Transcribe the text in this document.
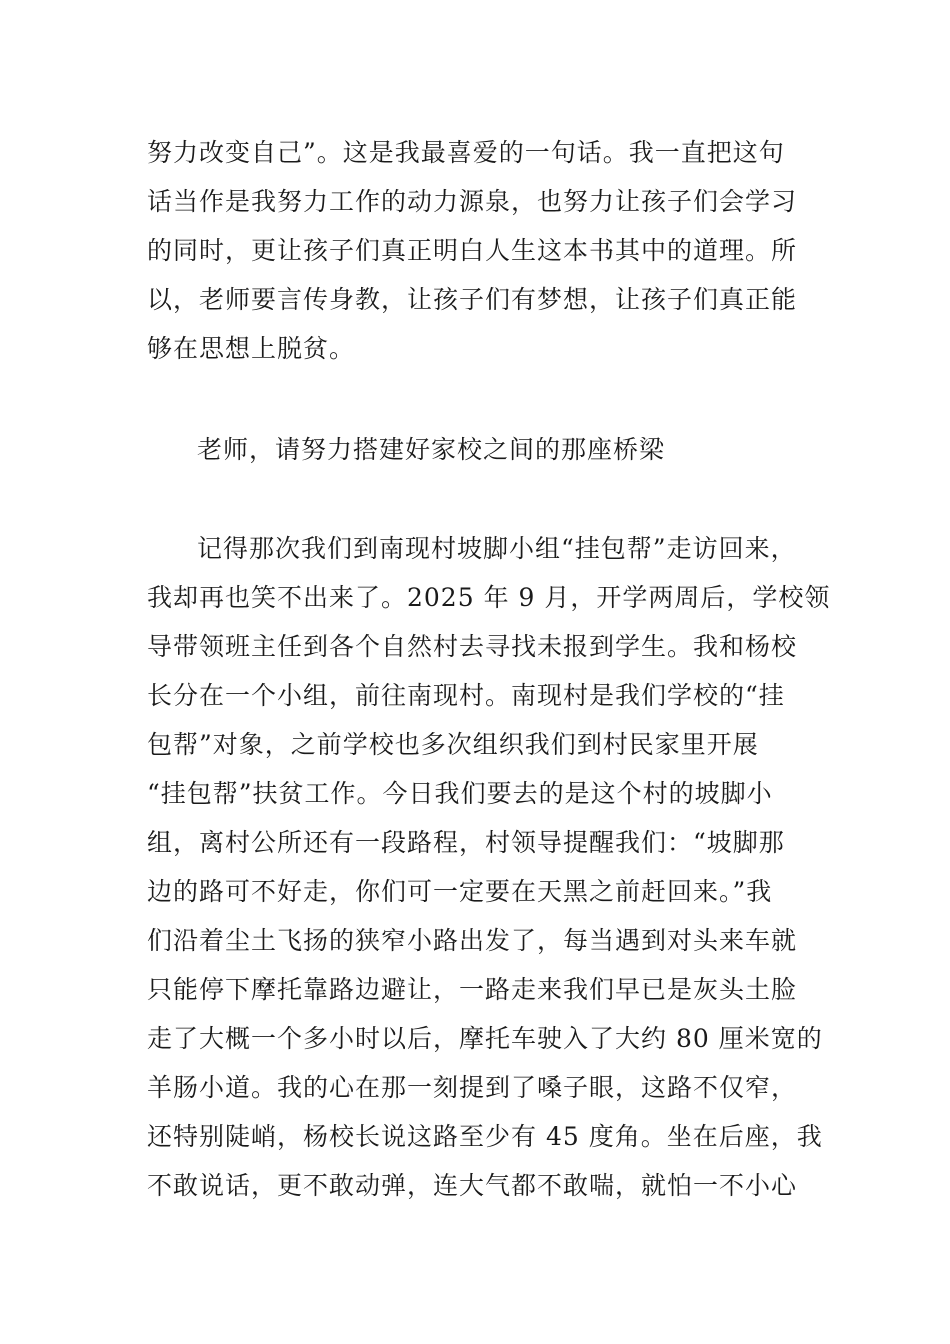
努力改变自己”。这是我最喜爱的一句话。我一直把这句
话当作是我努力工作的动力源泉，也努力让孩子们会学习
的同时，更让孩子们真正明白人生这本书其中的道理。所
以，老师要言传身教，让孩子们有梦想，让孩子们真正能
够在思想上脱贫。
老师，请努力搭建好家校之间的那座桥梁
记得那次我们到南现村坡脚小组“挂包帮”走访回来，
我却再也笑不出来了。2025 年 9 月，开学两周后，学校领
导带领班主任到各个自然村去寻找未报到学生。我和杨校
长分在一个小组，前往南现村。南现村是我们学校的“挂
包帮”对象，之前学校也多次组织我们到村民家里开展
“挂包帮”扶贫工作。今日我们要去的是这个村的坡脚小
组，离村公所还有一段路程，村领导提醒我们：“坡脚那
边的路可不好走，你们可一定要在天黑之前赶回来。”我
们沿着尘土飞扬的狭窄小路出发了，每当遇到对头来车就
只能停下摩托靠路边避让，一路走来我们早已是灰头土脸
走了大概一个多小时以后，摩托车驶入了大约 80 厘米宽的
羊肠小道。我的心在那一刻提到了嗓子眼，这路不仅窄，
还特别陡峭，杨校长说这路至少有 45 度角。坐在后座，我
不敢说话，更不敢动弹，连大气都不敢喘，就怕一不小心
